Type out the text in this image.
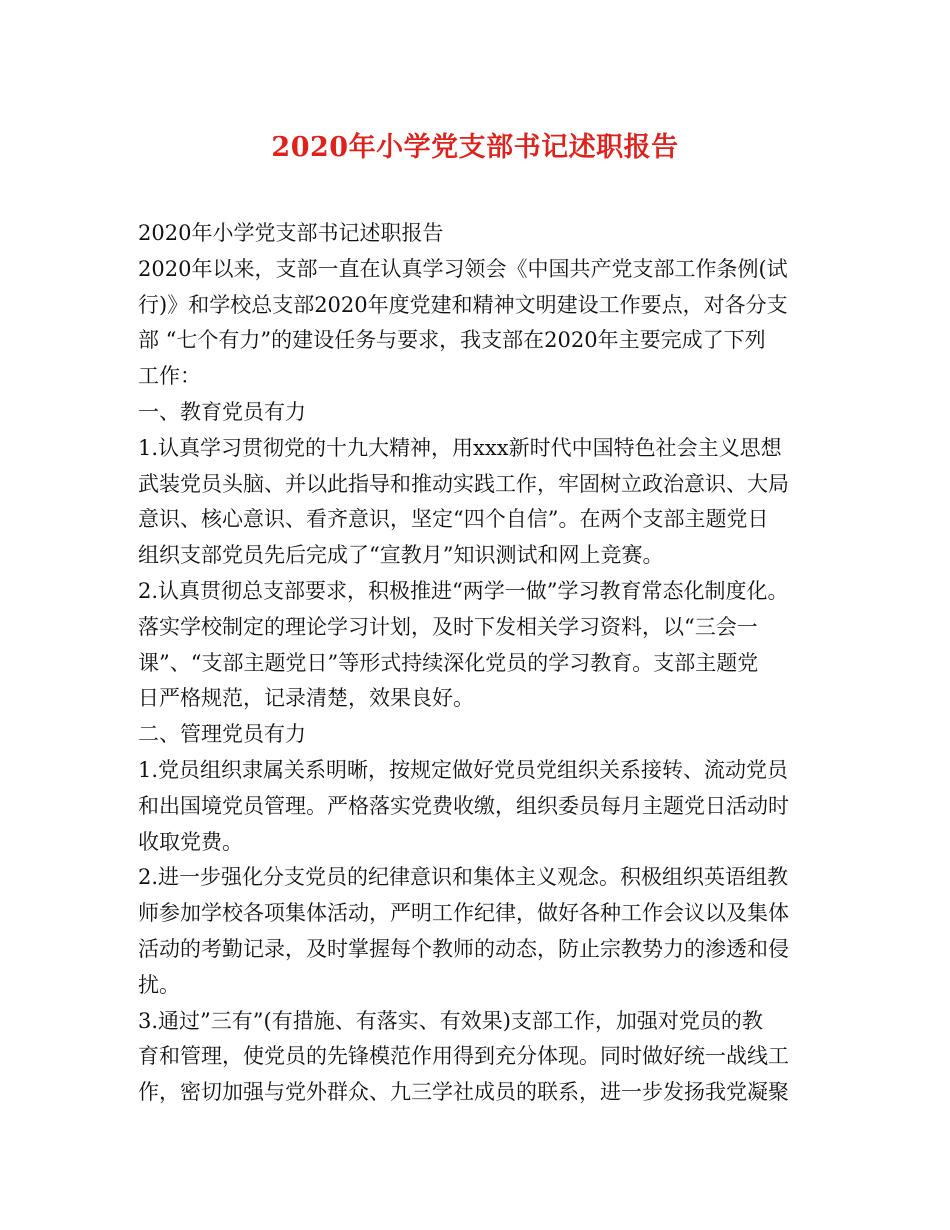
2020年小学党支部书记述职报告
2020年小学党支部书记述职报告
2020年以来，支部一直在认真学习领会《中国共产党支部工作条例(试
行)》和学校总支部2020年度党建和精神文明建设工作要点，对各分支
部 “七个有力”的建设任务与要求，我支部在2020年主要完成了下列
工作：
一、教育党员有力
1.认真学习贯彻党的十九大精神，用xxx新时代中国特色社会主义思想
武装党员头脑、并以此指导和推动实践工作，牢固树立政治意识、大局
意识、核心意识、看齐意识，坚定“四个自信”。在两个支部主题党日
组织支部党员先后完成了“宣教月”知识测试和网上竞赛。
2.认真贯彻总支部要求，积极推进“两学一做”学习教育常态化制度化。
落实学校制定的理论学习计划，及时下发相关学习资料，以“三会一
课”、“支部主题党日”等形式持续深化党员的学习教育。支部主题党
日严格规范，记录清楚，效果良好。
二、管理党员有力
1.党员组织隶属关系明晰，按规定做好党员党组织关系接转、流动党员
和出国境党员管理。严格落实党费收缴，组织委员每月主题党日活动时
收取党费。
2.进一步强化分支党员的纪律意识和集体主义观念。积极组织英语组教
师参加学校各项集体活动，严明工作纪律，做好各种工作会议以及集体
活动的考勤记录，及时掌握每个教师的动态，防止宗教势力的渗透和侵
扰。
3.通过”三有”(有措施、有落实、有效果)支部工作，加强对党员的教
育和管理，使党员的先锋模范作用得到充分体现。同时做好统一战线工
作，密切加强与党外群众、九三学社成员的联系，进一步发扬我党凝聚
